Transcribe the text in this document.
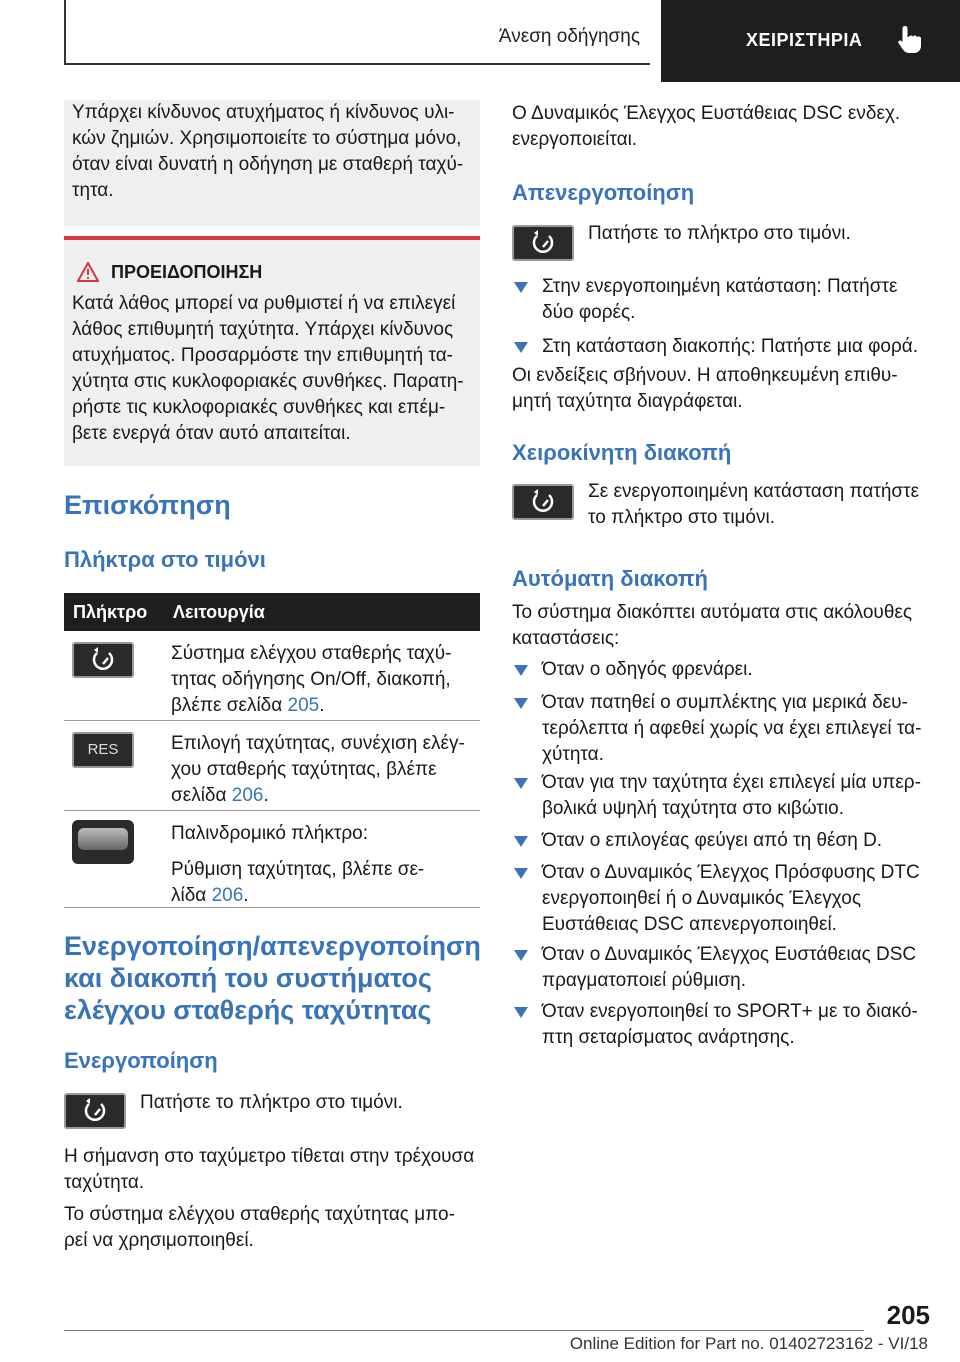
Άνεση οδήγησης	ΧΕΙΡΙΣΤΗΡΙΑ

Υπάρχει κίνδυνος ατυχήματος ή κίνδυνος υλι-

κών ζημιών. Χρησιμοποιείτε το σύστημα μόνο,

όταν είναι δυνατή η οδήγηση με σταθερή ταχύ-

τητα.

ΠΡΟΕΙΔΟΠΟΙΗΣΗ

Κατά λάθος μπορεί να ρυθμιστεί ή να επιλεγεί

λάθος επιθυμητή ταχύτητα. Υπάρχει κίνδυνος

ατυχήματος. Προσαρμόστε την επιθυμητή τα-

χύτητα στις κυκλοφοριακές συνθήκες. Παρατη-

ρήστε τις κυκλοφοριακές συνθήκες και επέμ-

βετε ενεργά όταν αυτό απαιτείται.

Επισκόπηση
Πλήκτρα στο τιμόνι
Πλήκτρο Λειτουργία

Σύστημα ελέγχου σταθερής ταχύ-

τητας οδήγησης On/Off, διακοπή,

βλέπε σελίδα 205.

RES	Επιλογή ταχύτητας, συνέχιση ελέγ-

χου σταθερής ταχύτητας, βλέπε

σελίδα 206.

Παλινδρομικό πλήκτρο:

Ρύθμιση ταχύτητας, βλέπε σε-

λίδα 206.

Ενεργοποίηση/απενεργοποίηση

και διακοπή του συστήματος

ελέγχου σταθερής ταχύτητας

Ενεργοποίηση
Πατήστε το πλήκτρο στο τιμόνι.

Η σήμανση στο ταχύμετρο τίθεται στην τρέχουσα

ταχύτητα.

Το σύστημα ελέγχου σταθερής ταχύτητας μπο-

ρεί να χρησιμοποιηθεί.

Ο Δυναμικός Έλεγχος Ευστάθειας DSC ενδεχ.

ενεργοποιείται.

Απενεργοποίηση
Πατήστε το πλήκτρο στο τιμόνι.

Στην ενεργοποιημένη κατάσταση: Πατήστε

δύο φορές.

Στη κατάσταση διακοπής: Πατήστε μια φορά.

Οι ενδείξεις σβήνουν. Η αποθηκευμένη επιθυ-

μητή ταχύτητα διαγράφεται.

Χειροκίνητη διακοπή

Σε ενεργοποιημένη κατάσταση πατήστε

το πλήκτρο στο τιμόνι.

Αυτόματη διακοπή

Το σύστημα διακόπτει αυτόματα στις ακόλουθες

καταστάσεις:

Όταν ο οδηγός φρενάρει.

Όταν πατηθεί ο συμπλέκτης για μερικά δευ-

τερόλεπτα ή αφεθεί χωρίς να έχει επιλεγεί τα-

χύτητα.

Όταν για την ταχύτητα έχει επιλεγεί μία υπερ-

βολικά υψηλή ταχύτητα στο κιβώτιο.

Όταν ο επιλογέας φεύγει από τη θέση D.

Όταν ο Δυναμικός Έλεγχος Πρόσφυσης DTC

ενεργοποιηθεί ή ο Δυναμικός Έλεγχος

Ευστάθειας DSC απενεργοποιηθεί.

Όταν ο Δυναμικός Έλεγχος Ευστάθειας DSC

πραγματοποιεί ρύθμιση.

Όταν ενεργοποιηθεί το SPORT+ με το διακό-

πτη σεταρίσματος ανάρτησης.

205
Online Edition for Part no. 01402723162 - VI/18
